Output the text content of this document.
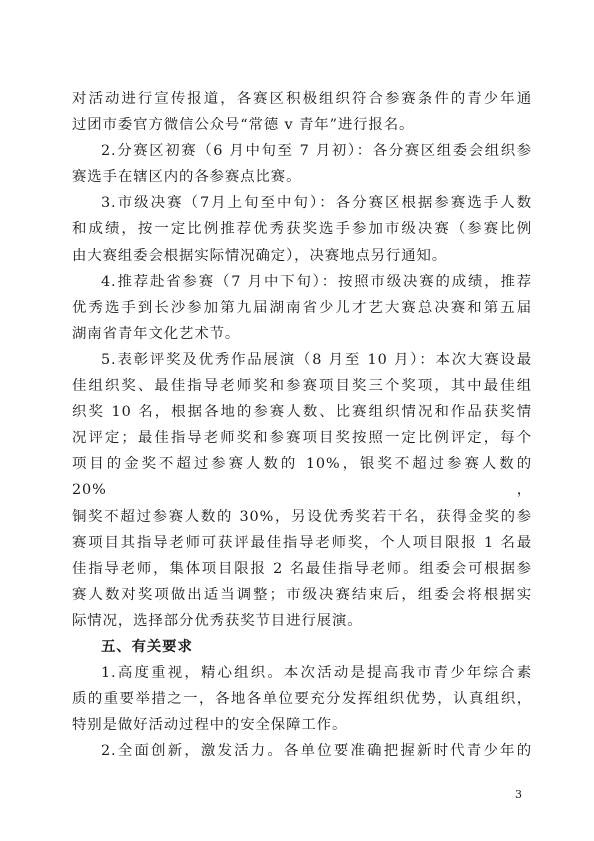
对活动进行宣传报道，各赛区积极组织符合参赛条件的青少年通

过团市委官方微信公众号“常德 v 青年”进行报名。

2.分赛区初赛（6 月中旬至 7 月初）：各分赛区组委会组织参

赛选手在辖区内的各参赛点比赛。

3.市级决赛（7月上旬至中旬）：各分赛区根据参赛选手人数

和成绩，按一定比例推荐优秀获奖选手参加市级决赛（参赛比例

由大赛组委会根据实际情况确定），决赛地点另行通知。

4.推荐赴省参赛（7 月中下旬）：按照市级决赛的成绩，推荐

优秀选手到长沙参加第九届湖南省少儿才艺大赛总决赛和第五届

湖南省青年文化艺术节。

5.表彰评奖及优秀作品展演（8 月至 10 月）：本次大赛设最

佳组织奖、最佳指导老师奖和参赛项目奖三个奖项，其中最佳组

织奖 10 名，根据各地的参赛人数、比赛组织情况和作品获奖情

况评定；最佳指导老师奖和参赛项目奖按照一定比例评定，每个

项目的金奖不超过参赛人数的 10%，银奖不超过参赛人数的 20%，

铜奖不超过参赛人数的 30%，另设优秀奖若干名，获得金奖的参

赛项目其指导老师可获评最佳指导老师奖，个人项目限报 1 名最

佳指导老师，集体项目限报 2 名最佳指导老师。组委会可根据参

赛人数对奖项做出适当调整；市级决赛结束后，组委会将根据实

际情况，选择部分优秀获奖节目进行展演。

五、有关要求

1.高度重视，精心组织。本次活动是提高我市青少年综合素

质的重要举措之一，各地各单位要充分发挥组织优势，认真组织，

特别是做好活动过程中的安全保障工作。

2.全面创新，激发活力。各单位要准确把握新时代青少年的

3
